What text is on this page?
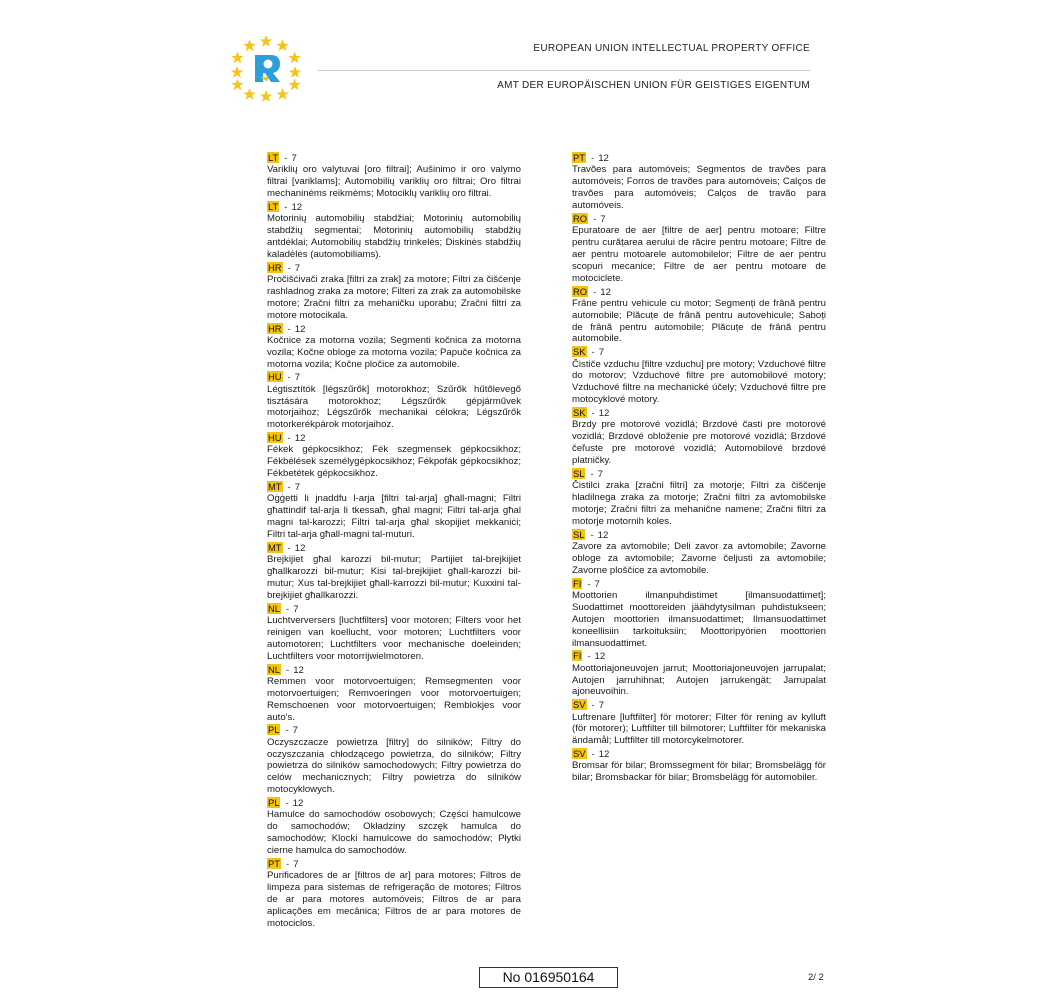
EUROPEAN UNION INTELLECTUAL PROPERTY OFFICE
AMT DER EUROPÄISCHEN UNION FÜR GEISTIGES EIGENTUM
LT - 7
Variklių oro valytuvai [oro filtrai]; Aušinimo ir oro valymo filtrai [variklams]; Automobilių variklių oro filtrai; Oro filtrai mechaninėms reikmėms; Motociklų variklių oro filtrai.
LT - 12
Motorinių automobilių stabdžiai; Motorinių automobilių stabdžių segmentai; Motorinių automobilių stabdžių antdėklai; Automobilių stabdžių trinkelės; Diskinės stabdžių kaladėlės (automobiliams).
HR - 7
Pročišćivači zraka [filtri za zrak] za motore; Filtri za čišćenje rashladnog zraka za motore; Filteri za zrak za automobilske motore; Zračni filtri za mehaničku uporabu; Zračni filtri za motore motocikala.
HR - 12
Kočnice za motorna vozila; Segmenti kočnica za motorna vozila; Kočne obloge za motorna vozila; Papuče kočnica za motorna vozila; Kočne pločice za automobile.
HU - 7
Légtisztítók [légszűrők] motorokhoz; Szűrők hűtőlevegő tisztására motorokhoz; Légszűrők gépjárművek motorjaihoz; Légszűrők mechanikai célokra; Légszűrők motorkerékpárok motorjaihoz.
HU - 12
Fékek gépkocsikhoz; Fék szegmensek gépkocsikhoz; Fékbélések személygépkocsikhoz; Fékpofák gépkocsikhoz; Fékbetétek gépkocsikhoz.
MT - 7
Oġġetti li jnaddfu l-arja [filtri tal-arja] għall-magni; Filtri għattindif tal-arja li tkessaħ, għal magni; Filtri tal-arja għal magni tal-karozzi; Filtri tal-arja għal skopijiet mekkaniċi; Filtri tal-arja għall-magni tal-muturi.
MT - 12
Brejkijiet għal karozzi bil-mutur; Partijiet tal-brejkijiet għallkarozzi bil-mutur; Kisi tal-brejkijiet għall-karozzi bil-mutur; Xus tal-brejkijiet għall-karrozzi bil-mutur; Kuxxini tal-brejkijiet għallkarozzi.
NL - 7
Luchtverversers [luchtfilters] voor motoren; Filters voor het reinigen van koellucht, voor motoren; Luchtfilters voor automotoren; Luchtfilters voor mechanische doeleinden; Luchtfilters voor motorrijwielmotoren.
NL - 12
Remmen voor motorvoertuigen; Remsegmenten voor motorvoertuigen; Remvoeringen voor motorvoertuigen; Remschoenen voor motorvoertuigen; Remblokjes voor auto's.
PL - 7
Oczyszczacze powietrza [filtry] do silników; Filtry do oczyszczania chłodzącego powietrza, do silników; Filtry powietrza do silników samochodowych; Filtry powietrza do celów mechanicznych; Filtry powietrza do silników motocyklowych.
PL - 12
Hamulce do samochodów osobowych; Części hamulcowe do samochodów; Okładziny szczęk hamulca do samochodów; Klocki hamulcowe do samochodów; Płytki cierne hamulca do samochodów.
PT - 7
Purificadores de ar [filtros de ar] para motores; Filtros de limpeza para sistemas de refrigeração de motores; Filtros de ar para motores automóveis; Filtros de ar para aplicações em mecânica; Filtros de ar para motores de motociclos.
PT - 12
Travões para automóveis; Segmentos de travões para automóveis; Forros de travões para automóveis; Calços de travões para automóveis; Calços de travão para automóveis.
RO - 7
Epuratoare de aer [filtre de aer] pentru motoare; Filtre pentru curățarea aerului de răcire pentru motoare; Filtre de aer pentru motoarele automobilelor; Filtre de aer pentru scopuri mecanice; Filtre de aer pentru motoare de motociclete.
RO - 12
Frâne pentru vehicule cu motor; Segmenți de frână pentru automobile; Plăcuțe de frână pentru autovehicule; Saboți de frână pentru automobile; Plăcuțe de frână pentru automobile.
SK - 7
Čističe vzduchu [filtre vzduchu] pre motory; Vzduchové filtre do motorov; Vzduchové filtre pre automobilové motory; Vzduchové filtre na mechanické účely; Vzduchové filtre pre motocyklové motory.
SK - 12
Brzdy pre motorové vozidlá; Brzdové časti pre motorové vozidlá; Brzdové obloženie pre motorové vozidlá; Brzdové čeľuste pre motorové vozidlá; Automobilové brzdové platničky.
SL - 7
Čistilci zraka [zračni filtri] za motorje; Filtri za čiščenje hladilnega zraka za motorje; Zračni filtri za avtomobilske motorje; Zračni filtri za mehanične namene; Zračni filtri za motorje motornih koles.
SL - 12
Zavore za avtomobile; Deli zavor za avtomobile; Zavorne obloge za avtomobile; Zavorne čeljusti za avtomobile; Zavorne ploščice za avtomobile.
FI - 7
Moottorien ilmanpuhdistimet [ilmansuodattimet]; Suodattimet moottoreiden jäähdytysilman puhdistukseen; Autojen moottorien ilmansuodattimet; Ilmansuodattimet koneellisiin tarkoituksiin; Moottoripyörien moottorien ilmansuodattimet.
FI - 12
Moottoriajoneuvojen jarrut; Moottoriajoneuvojen jarrupalat; Autojen jarruhihnat; Autojen jarrukengät; Jarrupalat ajoneuvoihin.
SV - 7
Luftrenare [luftfilter] för motorer; Filter för rening av kylluft (för motorer); Luftfilter till bilmotorer; Luftfilter för mekaniska ändamål; Luftfilter till motorcykelmotorer.
SV - 12
Bromsar för bilar; Bromssegment för bilar; Bromsbelägg för bilar; Bromsbackar för bilar; Bromsbelägg för automobiler.
No 016950164	2/ 2
